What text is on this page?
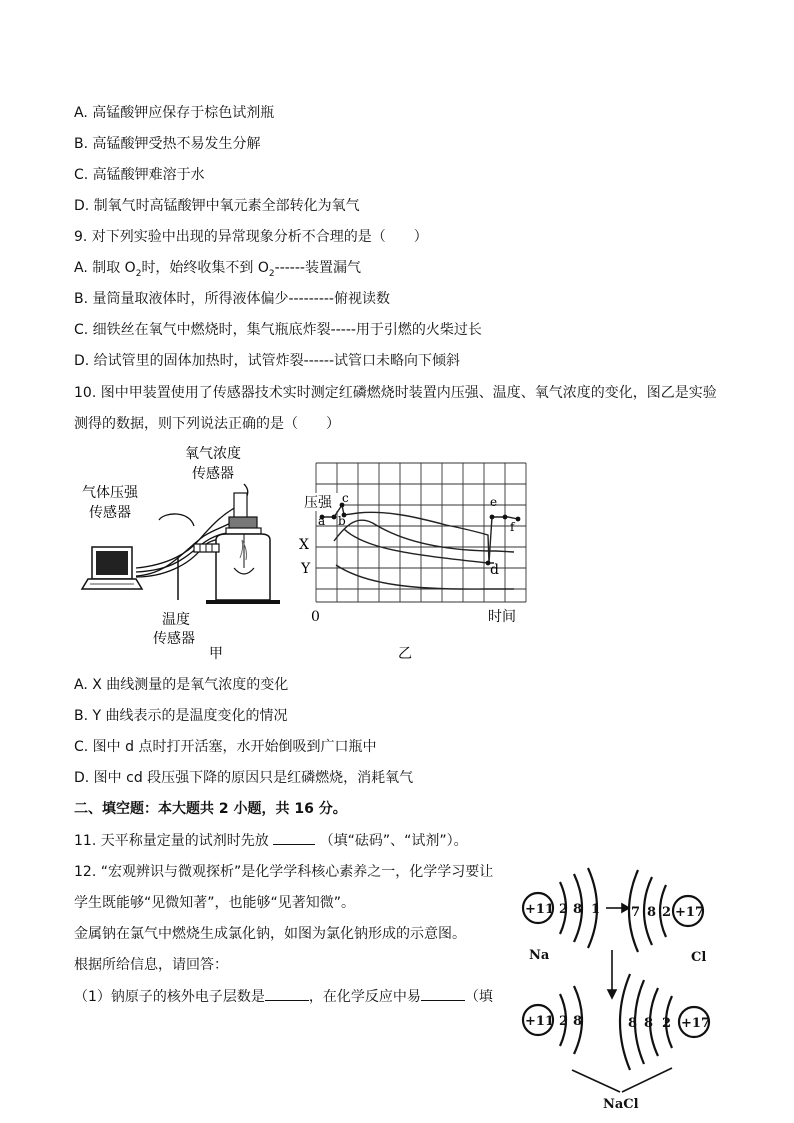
A. 高锰酸钾应保存于棕色试剂瓶
B. 高锰酸钾受热不易发生分解
C. 高锰酸钾难溶于水
D. 制氧气时高锰酸钾中氧元素全部转化为氧气
9. 对下列实验中出现的异常现象分析不合理的是（　　）
A. 制取 $O_2$时，始终收集不到 $O_2------$装置漏气
B. 量筒量取液体时，所得液体偏少---------俯视读数
C. 细铁丝在氧气中燃烧时，集气瓶底炸裂-----用于引燃的火柴过长
D. 给试管里的固体加热时，试管炸裂------试管口未略向下倾斜
10. 图中甲装置使用了传感器技术实时测定红磷燃烧时装置内压强、温度、氧气浓度的变化，图乙是实验
测得的数据，则下列说法正确的是（　　）
氧气浓度
传感器
气体压强
传感器
温度
传感器
甲
压强
X
Y
a b
c
d
e
f
0	时间
乙
A. X 曲线测量的是氧气浓度的变化
B. Y 曲线表示的是温度变化的情况
C. 图中 d 点时打开活塞，水开始倒吸到广口瓶中
D. 图中 cd 段压强下降的原因只是红磷燃烧，消耗氧气
二、填空题：本大题共 2 小题，共 16 分。
11. 天平称量定量的试剂时先放	（填“砝码”、“试剂”）。
12. “宏观辨识与微观探析”是化学学科核心素养之一，化学学习要让
学生既能够“见微知著”，也能够“见著知微”。
金属钠在氯气中燃烧生成氯化钠，如图为氯化钠形成的示意图。
根据所给信息，请回答：
（1）钠原子的核外电子层数是	，在化学反应中易	（填
+11 2 8 1
Na
+17
7 8 2
Cl
+11 2 8	+17
8 8 2
NaCl
